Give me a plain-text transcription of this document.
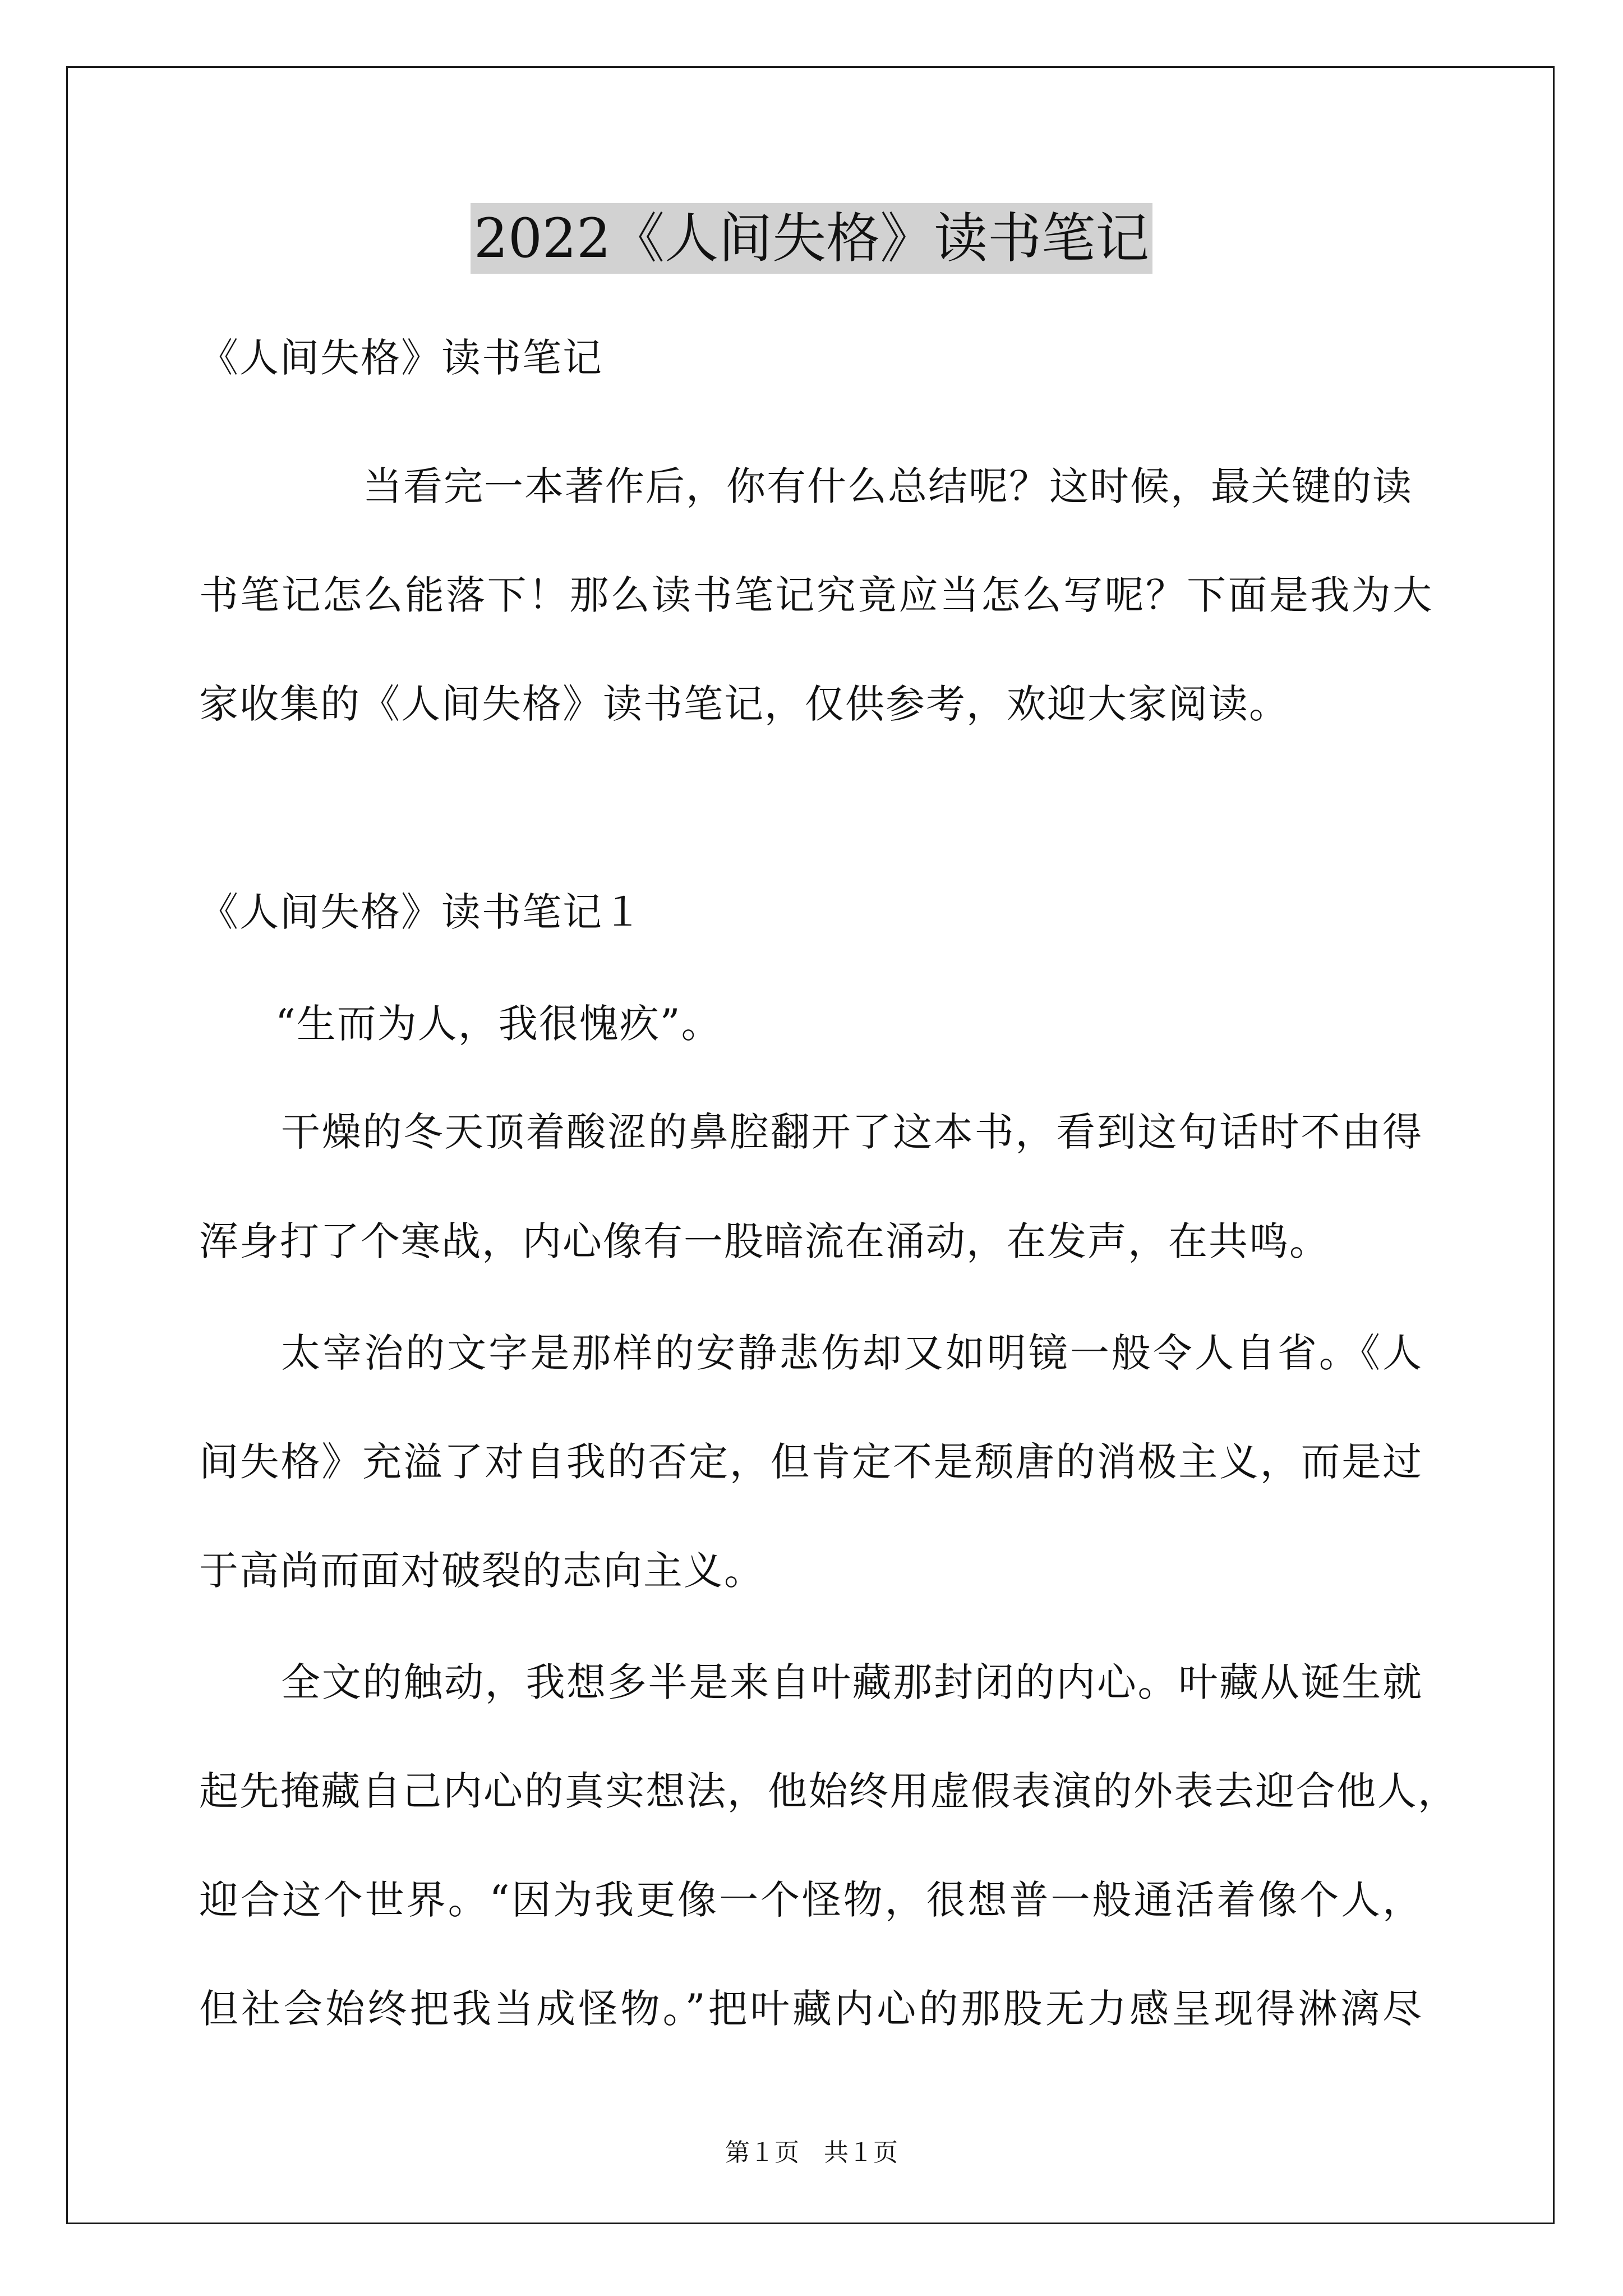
2022《人间失格》读书笔记
《人间失格》读书笔记
当看完一本著作后，你有什么总结呢？这时候，最关键的读
书笔记怎么能落下！那么读书笔记究竟应当怎么写呢？下面是我为大
家收集的《人间失格》读书笔记，仅供参考，欢迎大家阅读。
《人间失格》读书笔记１
“生而为人，我很愧疚”。
干燥的冬天顶着酸涩的鼻腔翻开了这本书，看到这句话时不由得
浑身打了个寒战，内心像有一股暗流在涌动，在发声，在共鸣。
太宰治的文字是那样的安静悲伤却又如明镜一般令人自省。《人
间失格》充溢了对自我的否定，但肯定不是颓唐的消极主义，而是过
于高尚而面对破裂的志向主义。
全文的触动，我想多半是来自叶藏那封闭的内心。叶藏从诞生就
起先掩藏自己内心的真实想法，他始终用虚假表演的外表去迎合他人，
迎合这个世界。“因为我更像一个怪物，很想普一般通活着像个人，
但社会始终把我当成怪物。”把叶藏内心的那股无力感呈现得淋漓尽
第１页　共１页
